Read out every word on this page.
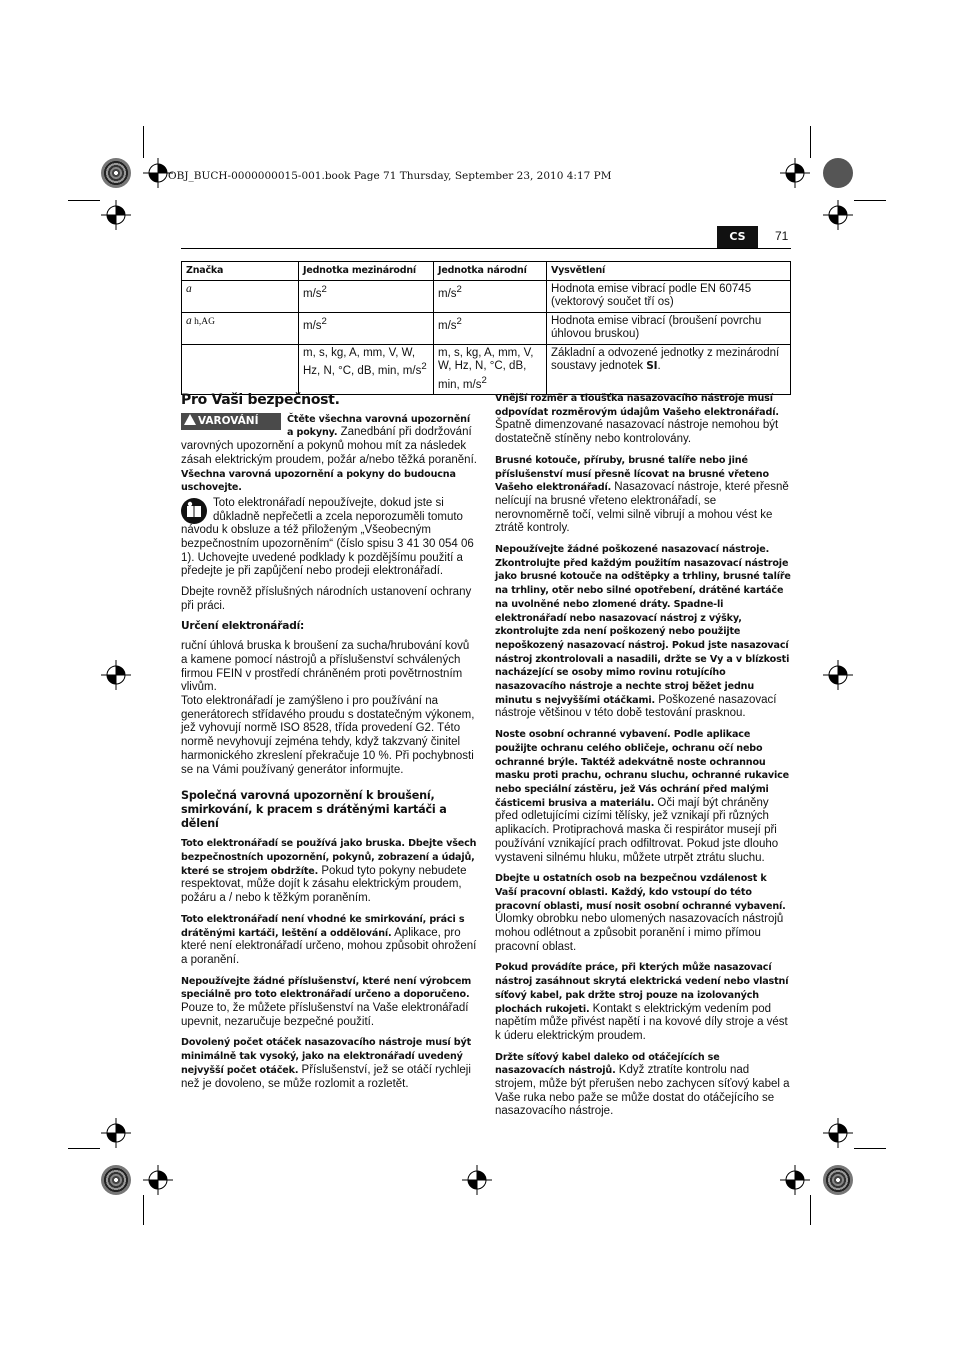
OBJ_BUCH-0000000015-001.book Page 71 Thursday, September 23, 2010 4:17 PM
CS	71
Značka	Jednotka mezinárodní	Jednotka národní	Vysvětlení
a	$m/s^2$	$m/s^2$	Hodnota emise vibrací podle EN 60745 (vektorový součet tří os)
a h,AG	$m/s^2$	$m/s^2$	Hodnota emise vibrací (broušení povrchu úhlovou bruskou)
	m, s, kg, A, mm, V, W, Hz, N, °C, dB, min, $m/s^2$	m, s, kg, A, mm, V, W, Hz, N, °C, dB, min, $m/s^2$	Základní a odvozené jednotky z mezinárodní soustavy jednotek SI.
Pro Vaši bezpečnost.

VAROVÁNÍ	Čtěte všechna varovná upozornění a pokyny. Zanedbání při dodržování varovných upozornění a pokynů mohou mít za následek zásah elektrickým proudem, požár a/nebo těžká poranění.

Všechna varovná upozornění a pokyny do budoucna uschovejte.

Toto elektronářadí nepoužívejte, dokud jste si důkladně nepřečetli a zcela neporozuměli tomuto návodu k obsluze a též přiloženým „Všeobecným bezpečnostním upozorněním“ (číslo spisu 3 41 30 054 06 1). Uchovejte uvedené podklady k pozdějšímu použití a předejte je při zapůjčení nebo prodeji elektronářadí.

Dbejte rovněž příslušných národních ustanovení ochrany při práci.

Určení elektronářadí:

ruční úhlová bruska k broušení za sucha/hrubování kovů a kamene pomocí nástrojů a příslušenství schválených firmou FEIN v prostředí chráněném proti povětrnostním vlivům.

Toto elektronářadí je zamýšleno i pro používání na generátorech střídavého proudu s dostatečným výkonem, jež vyhovují normě ISO 8528, třída provedení G2. Této normě nevyhovují zejména tehdy, když takzvaný činitel harmonického zkreslení překračuje 10 %. Při pochybnosti se na Vámi používaný generátor informujte.

Společná varovná upozornění k broušení, smirkování, k pracem s drátěnými kartáči a dělení

Toto elektronářadí se používá jako bruska. Dbejte všech bezpečnostních upozornění, pokynů, zobrazení a údajů, které se strojem obdržíte. Pokud tyto pokyny nebudete respektovat, může dojít k zásahu elektrickým proudem, požáru a / nebo k těžkým poraněním.

Toto elektronářadí není vhodné ke smirkování, práci s drátěnými kartáči, leštění a oddělování. Aplikace, pro které není elektronářadí určeno, mohou způsobit ohrožení a poranění.

Nepoužívejte žádné příslušenství, které není výrobcem speciálně pro toto elektronářadí určeno a doporučeno. Pouze to, že můžete příslušenství na Vaše elektronářadí upevnit, nezaručuje bezpečné použití.

Dovolený počet otáček nasazovacího nástroje musí být minimálně tak vysoký, jako na elektronářadí uvedený nejvyšší počet otáček. Příslušenství, jež se otáčí rychleji než je dovoleno, se může rozlomit a rozletět.

Vnější rozměr a tloušťka nasazovacího nástroje musí odpovídat rozměrovým údajům Vašeho elektronářadí. Špatně dimenzované nasazovací nástroje nemohou být dostatečně stíněny nebo kontrolovány.

Brusné kotouče, příruby, brusné talíře nebo jiné příslušenství musí přesně lícovat na brusné vřeteno Vašeho elektronářadí. Nasazovací nástroje, které přesně nelícují na brusné vřeteno elektronářadí, se nerovnoměrně točí, velmi silně vibrují a mohou vést ke ztrátě kontroly.

Nepoužívejte žádné poškozené nasazovací nástroje. Zkontrolujte před každým použitím nasazovací nástroje jako brusné kotouče na odštěpky a trhliny, brusné talíře na trhliny, otěr nebo silné opotřebení, drátěné kartáče na uvolněné nebo zlomené dráty. Spadne-li elektronářadí nebo nasazovací nástroj z výšky, zkontrolujte zda není poškozený nebo použijte nepoškozený nasazovací nástroj. Pokud jste nasazovací nástroj zkontrolovali a nasadili, držte se Vy a v blízkosti nacházející se osoby mimo rovinu rotujícího nasazovacího nástroje a nechte stroj běžet jednu minutu s nejvyššími otáčkami. Poškozené nasazovací nástroje většinou v této době testování prasknou.

Noste osobní ochranné vybavení. Podle aplikace použijte ochranu celého obličeje, ochranu očí nebo ochranné brýle. Taktéž adekvátně noste ochrannou masku proti prachu, ochranu sluchu, ochranné rukavice nebo speciální zástěru, jež Vás ochrání před malými částicemi brusiva a materiálu. Oči mají být chráněny před odletujícími cizími tělísky, jež vznikají při různých aplikacích. Protiprachová maska či respirátor musejí při používání vznikající prach odfiltrovat. Pokud jste dlouho vystaveni silnému hluku, můžete utrpět ztrátu sluchu.

Dbejte u ostatních osob na bezpečnou vzdálenost k Vaší pracovní oblasti. Každý, kdo vstoupí do této pracovní oblasti, musí nosit osobní ochranné vybavení. Úlomky obrobku nebo ulomených nasazovacích nástrojů mohou odlétnout a způsobit poranění i mimo přímou pracovní oblast.

Pokud provádíte práce, při kterých může nasazovací nástroj zasáhnout skrytá elektrická vedení nebo vlastní síťový kabel, pak držte stroj pouze na izolovaných plochách rukojeti. Kontakt s elektrickým vedením pod napětím může přivést napětí i na kovové díly stroje a vést k úderu elektrickým proudem.

Držte síťový kabel daleko od otáčejících se nasazovacích nástrojů. Když ztratíte kontrolu nad strojem, může být přerušen nebo zachycen síťový kabel a Vaše ruka nebo paže se může dostat do otáčejícího se nasazovacího nástroje.
